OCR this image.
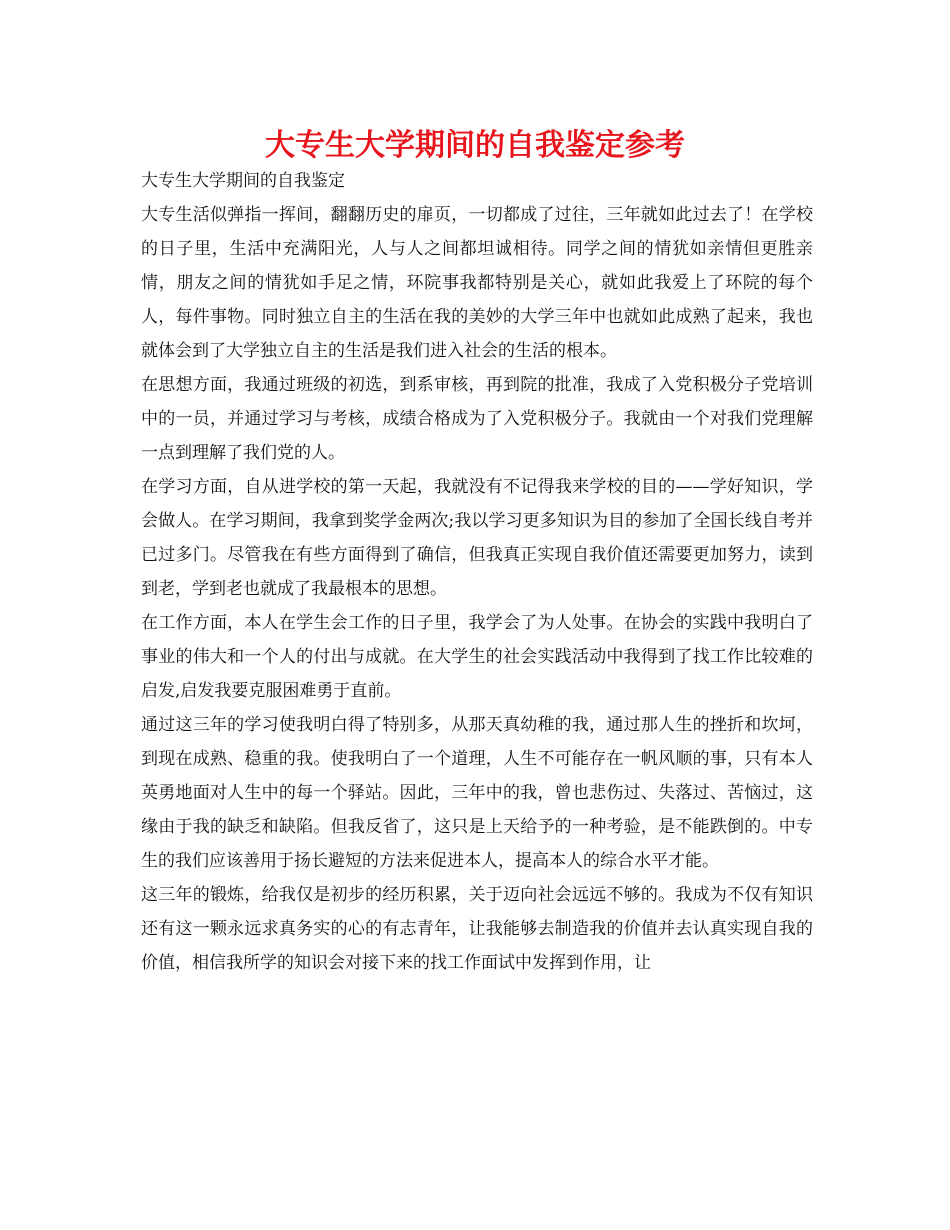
大专生大学期间的自我鉴定参考

大专生大学期间的自我鉴定

大专生活似弹指一挥间，翻翻历史的扉页，一切都成了过往，三年就如此过去了！在学校的日子里，生活中充满阳光，人与人之间都坦诚相待。同学之间的情犹如亲情但更胜亲情，朋友之间的情犹如手足之情，环院事我都特别是关心，就如此我爱上了环院的每个人，每件事物。同时独立自主的生活在我的美妙的大学三年中也就如此成熟了起来，我也就体会到了大学独立自主的生活是我们进入社会的生活的根本。

在思想方面，我通过班级的初选，到系审核，再到院的批准，我成了入党积极分子党培训中的一员，并通过学习与考核，成绩合格成为了入党积极分子。我就由一个对我们党理解一点到理解了我们党的人。

在学习方面，自从进学校的第一天起，我就没有不记得我来学校的目的——学好知识，学会做人。在学习期间，我拿到奖学金两次;我以学习更多知识为目的参加了全国长线自考并已过多门。尽管我在有些方面得到了确信，但我真正实现自我价值还需要更加努力，读到到老，学到老也就成了我最根本的思想。

在工作方面，本人在学生会工作的日子里，我学会了为人处事。在协会的实践中我明白了事业的伟大和一个人的付出与成就。在大学生的社会实践活动中我得到了找工作比较难的启发,启发我要克服困难勇于直前。

通过这三年的学习使我明白得了特别多，从那天真幼稚的我，通过那人生的挫折和坎坷，到现在成熟、稳重的我。使我明白了一个道理，人生不可能存在一帆风顺的事，只有本人英勇地面对人生中的每一个驿站。因此，三年中的我，曾也悲伤过、失落过、苦恼过，这缘由于我的缺乏和缺陷。但我反省了，这只是上天给予的一种考验，是不能跌倒的。中专生的我们应该善用于扬长避短的方法来促进本人，提高本人的综合水平才能。

这三年的锻炼，给我仅是初步的经历积累，关于迈向社会远远不够的。我成为不仅有知识还有这一颗永远求真务实的心的有志青年，让我能够去制造我的价值并去认真实现自我的价值，相信我所学的知识会对接下来的找工作面试中发挥到作用，让
